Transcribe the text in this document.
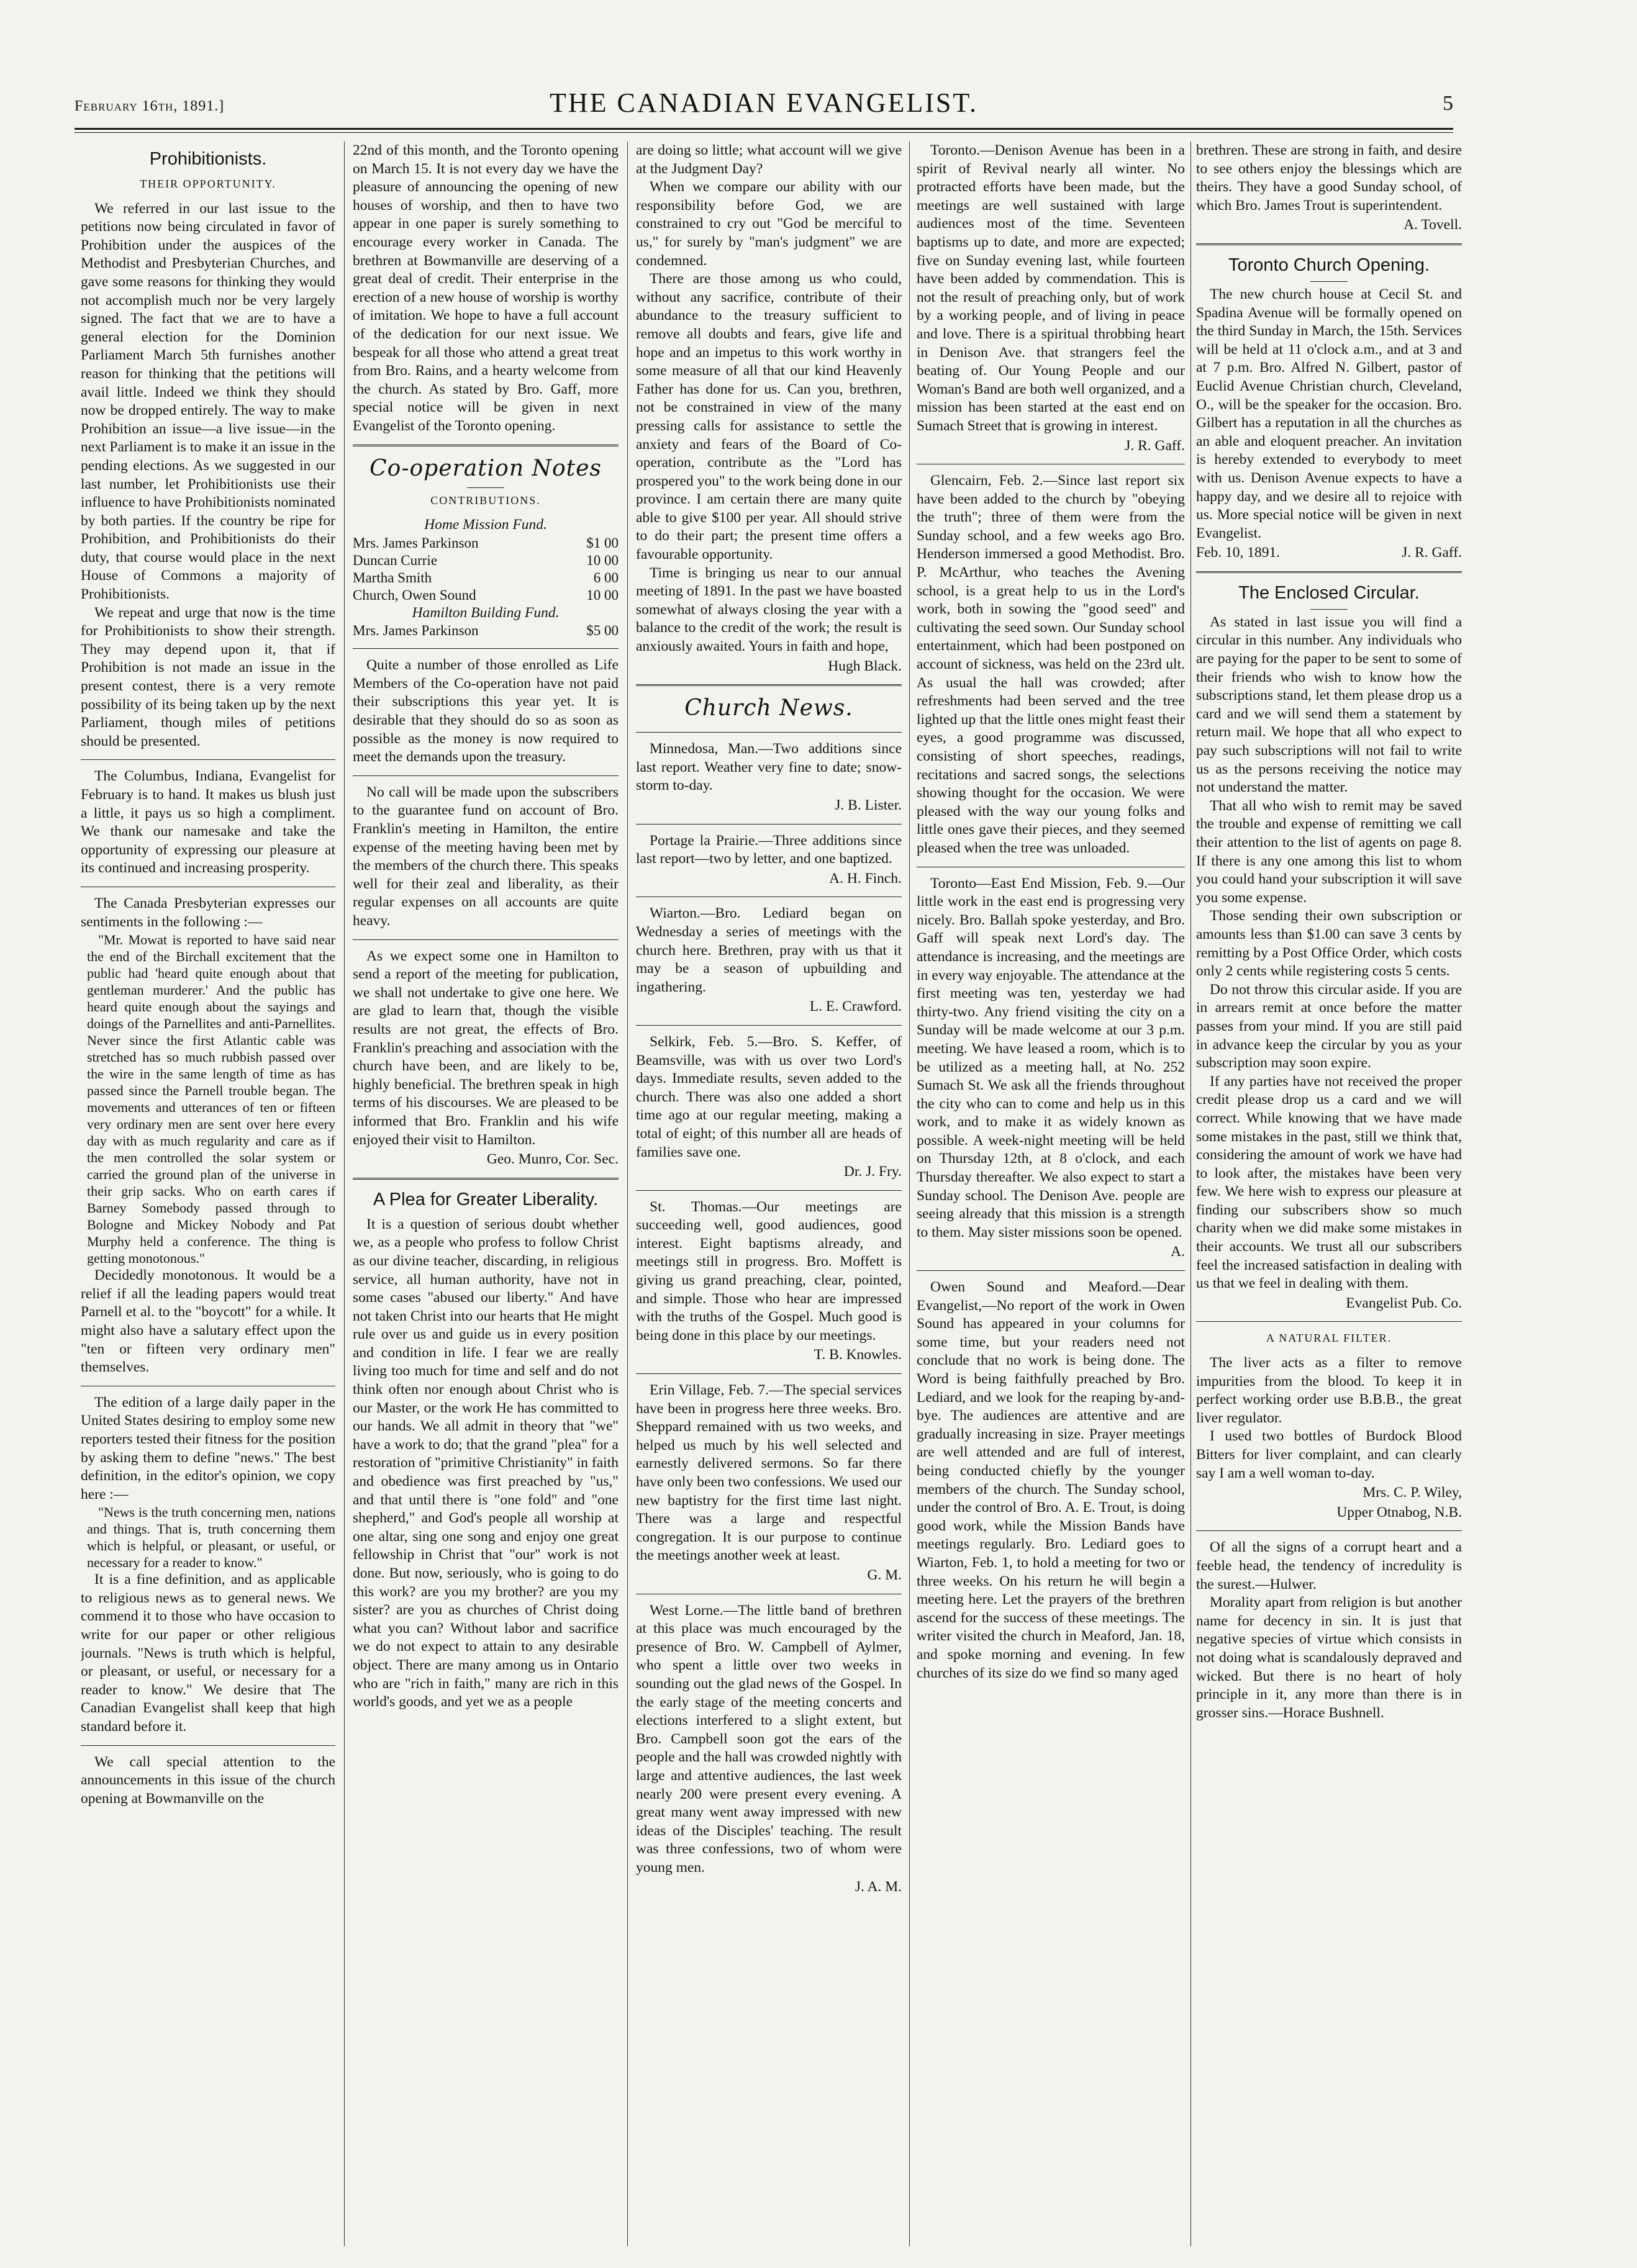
February 16th, 1891.]	THE CANADIAN EVANGELIST.	5
Prohibitionists.
THEIR OPPORTUNITY.

We referred in our last issue to the petitions now being circulated in favor of Prohibition under the auspices of the Methodist and Presbyterian Churches, and gave some reasons for thinking they would not accomplish much nor be very largely signed. The fact that we are to have a general election for the Dominion Parliament March 5th furnishes another reason for thinking that the petitions will avail little. Indeed we think they should now be dropped entirely. The way to make Prohibition an issue—a live issue—in the next Parliament is to make it an issue in the pending elections. As we suggested in our last number, let Prohibitionists use their influence to have Prohibitionists nominated by both parties. If the country be ripe for Prohibition, and Prohibitionists do their duty, that course would place in the next House of Commons a majority of Prohibitionists.

We repeat and urge that now is the time for Prohibitionists to show their strength. They may depend upon it, that if Prohibition is not made an issue in the present contest, there is a very remote possibility of its being taken up by the next Parliament, though miles of petitions should be presented.

The Columbus, Indiana, Evangelist for February is to hand. It makes us blush just a little, it pays us so high a compliment. We thank our namesake and take the opportunity of expressing our pleasure at its continued and increasing prosperity.

The Canada Presbyterian expresses our sentiments in the following :—

"Mr. Mowat is reported to have said near the end of the Birchall excitement that the public had 'heard quite enough about that gentleman murderer.' And the public has heard quite enough about the sayings and doings of the Parnellites and anti-Parnellites. Never since the first Atlantic cable was stretched has so much rubbish passed over the wire in the same length of time as has passed since the Parnell trouble began. The movements and utterances of ten or fifteen very ordinary men are sent over here every day with as much regularity and care as if the men controlled the solar system or carried the ground plan of the universe in their grip sacks. Who on earth cares if Barney Somebody passed through to Bologne and Mickey Nobody and Pat Murphy held a conference. The thing is getting monotonous."

Decidedly monotonous. It would be a relief if all the leading papers would treat Parnell et al. to the "boycott" for a while. It might also have a salutary effect upon the "ten or fifteen very ordinary men" themselves.

The edition of a large daily paper in the United States desiring to employ some new reporters tested their fitness for the position by asking them to define "news." The best definition, in the editor's opinion, we copy here :—

"News is the truth concerning men, nations and things. That is, truth concerning them which is helpful, or pleasant, or useful, or necessary for a reader to know."

It is a fine definition, and as applicable to religious news as to general news. We commend it to those who have occasion to write for our paper or other religious journals. "News is truth which is helpful, or pleasant, or useful, or necessary for a reader to know." We desire that The Canadian Evangelist shall keep that high standard before it.

We call special attention to the announcements in this issue of the church opening at Bowmanville on the

22nd of this month, and the Toronto opening on March 15. It is not every day we have the pleasure of announcing the opening of new houses of worship, and then to have two appear in one paper is surely something to encourage every worker in Canada. The brethren at Bowmanville are deserving of a great deal of credit. Their enterprise in the erection of a new house of worship is worthy of imitation. We hope to have a full account of the dedication for our next issue. We bespeak for all those who attend a great treat from Bro. Rains, and a hearty welcome from the church. As stated by Bro. Gaff, more special notice will be given in next Evangelist of the Toronto opening.

Co-operation Notes
CONTRIBUTIONS.
Home Mission Fund.
Mrs. James Parkinson	$1 00
Duncan Currie	10 00
Martha Smith	6 00
Church, Owen Sound	10 00
Hamilton Building Fund.
Mrs. James Parkinson	$5 00

Quite a number of those enrolled as Life Members of the Co-operation have not paid their subscriptions this year yet. It is desirable that they should do so as soon as possible as the money is now required to meet the demands upon the treasury.

No call will be made upon the subscribers to the guarantee fund on account of Bro. Franklin's meeting in Hamilton, the entire expense of the meeting having been met by the members of the church there. This speaks well for their zeal and liberality, as their regular expenses on all accounts are quite heavy.

As we expect some one in Hamilton to send a report of the meeting for publication, we shall not undertake to give one here. We are glad to learn that, though the visible results are not great, the effects of Bro. Franklin's preaching and association with the church have been, and are likely to be, highly beneficial. The brethren speak in high terms of his discourses. We are pleased to be informed that Bro. Franklin and his wife enjoyed their visit to Hamilton.

Geo. Munro, Cor. Sec.
A Plea for Greater Liberality.

It is a question of serious doubt whether we, as a people who profess to follow Christ as our divine teacher, discarding, in religious service, all human authority, have not in some cases "abused our liberty." And have not taken Christ into our hearts that He might rule over us and guide us in every position and condition in life. I fear we are really living too much for time and self and do not think often nor enough about Christ who is our Master, or the work He has committed to our hands. We all admit in theory that "we" have a work to do; that the grand "plea" for a restoration of "primitive Christianity" in faith and obedience was first preached by "us," and that until there is "one fold" and "one shepherd," and God's people all worship at one altar, sing one song and enjoy one great fellowship in Christ that "our" work is not done. But now, seriously, who is going to do this work? are you my brother? are you my sister? are you as churches of Christ doing what you can? Without labor and sacrifice we do not expect to attain to any desirable object. There are many among us in Ontario who are "rich in faith," many are rich in this world's goods, and yet we as a people

are doing so little; what account will we give at the Judgment Day?

When we compare our ability with our responsibility before God, we are constrained to cry out "God be merciful to us," for surely by "man's judgment" we are condemned.

There are those among us who could, without any sacrifice, contribute of their abundance to the treasury sufficient to remove all doubts and fears, give life and hope and an impetus to this work worthy in some measure of all that our kind Heavenly Father has done for us. Can you, brethren, not be constrained in view of the many pressing calls for assistance to settle the anxiety and fears of the Board of Co-operation, contribute as the "Lord has prospered you" to the work being done in our province. I am certain there are many quite able to give $100 per year. All should strive to do their part; the present time offers a favourable opportunity.

Time is bringing us near to our annual meeting of 1891. In the past we have boasted somewhat of always closing the year with a balance to the credit of the work; the result is anxiously awaited. Yours in faith and hope,

Hugh Black.
Church News.

Minnedosa, Man.—Two additions since last report. Weather very fine to date; snow-storm to-day.

J. B. Lister.

Portage la Prairie.—Three additions since last report—two by letter, and one baptized.

A. H. Finch.

Wiarton.—Bro. Lediard began on Wednesday a series of meetings with the church here. Brethren, pray with us that it may be a season of upbuilding and ingathering.

L. E. Crawford.

Selkirk, Feb. 5.—Bro. S. Keffer, of Beamsville, was with us over two Lord's days. Immediate results, seven added to the church. There was also one added a short time ago at our regular meeting, making a total of eight; of this number all are heads of families save one.

Dr. J. Fry.

St. Thomas.—Our meetings are succeeding well, good audiences, good interest. Eight baptisms already, and meetings still in progress. Bro. Moffett is giving us grand preaching, clear, pointed, and simple. Those who hear are impressed with the truths of the Gospel. Much good is being done in this place by our meetings.

T. B. Knowles.

Erin Village, Feb. 7.—The special services have been in progress here three weeks. Bro. Sheppard remained with us two weeks, and helped us much by his well selected and earnestly delivered sermons. So far there have only been two confessions. We used our new baptistry for the first time last night. There was a large and respectful congregation. It is our purpose to continue the meetings another week at least.

G. M.

West Lorne.—The little band of brethren at this place was much encouraged by the presence of Bro. W. Campbell of Aylmer, who spent a little over two weeks in sounding out the glad news of the Gospel. In the early stage of the meeting concerts and elections interfered to a slight extent, but Bro. Campbell soon got the ears of the people and the hall was crowded nightly with large and attentive audiences, the last week nearly 200 were present every evening. A great many went away impressed with new ideas of the Disciples' teaching. The result was three confessions, two of whom were young men.

J. A. M.

Toronto.—Denison Avenue has been in a spirit of Revival nearly all winter. No protracted efforts have been made, but the meetings are well sustained with large audiences most of the time. Seventeen baptisms up to date, and more are expected; five on Sunday evening last, while fourteen have been added by commendation. This is not the result of preaching only, but of work by a working people, and of living in peace and love. There is a spiritual throbbing heart in Denison Ave. that strangers feel the beating of. Our Young People and our Woman's Band are both well organized, and a mission has been started at the east end on Sumach Street that is growing in interest.

J. R. Gaff.

Glencairn, Feb. 2.—Since last report six have been added to the church by "obeying the truth"; three of them were from the Sunday school, and a few weeks ago Bro. Henderson immersed a good Methodist. Bro. P. McArthur, who teaches the Avening school, is a great help to us in the Lord's work, both in sowing the "good seed" and cultivating the seed sown. Our Sunday school entertainment, which had been postponed on account of sickness, was held on the 23rd ult. As usual the hall was crowded; after refreshments had been served and the tree lighted up that the little ones might feast their eyes, a good programme was discussed, consisting of short speeches, readings, recitations and sacred songs, the selections showing thought for the occasion. We were pleased with the way our young folks and little ones gave their pieces, and they seemed pleased when the tree was unloaded.

Toronto—East End Mission, Feb. 9.—Our little work in the east end is progressing very nicely. Bro. Ballah spoke yesterday, and Bro. Gaff will speak next Lord's day. The attendance is increasing, and the meetings are in every way enjoyable. The attendance at the first meeting was ten, yesterday we had thirty-two. Any friend visiting the city on a Sunday will be made welcome at our 3 p.m. meeting. We have leased a room, which is to be utilized as a meeting hall, at No. 252 Sumach St. We ask all the friends throughout the city who can to come and help us in this work, and to make it as widely known as possible. A week-night meeting will be held on Thursday 12th, at 8 o'clock, and each Thursday thereafter. We also expect to start a Sunday school. The Denison Ave. people are seeing already that this mission is a strength to them. May sister missions soon be opened.

A.

Owen Sound and Meaford.—Dear Evangelist,—No report of the work in Owen Sound has appeared in your columns for some time, but your readers need not conclude that no work is being done. The Word is being faithfully preached by Bro. Lediard, and we look for the reaping by-and-bye. The audiences are attentive and are gradually increasing in size. Prayer meetings are well attended and are full of interest, being conducted chiefly by the younger members of the church. The Sunday school, under the control of Bro. A. E. Trout, is doing good work, while the Mission Bands have meetings regularly. Bro. Lediard goes to Wiarton, Feb. 1, to hold a meeting for two or three weeks. On his return he will begin a meeting here. Let the prayers of the brethren ascend for the success of these meetings. The writer visited the church in Meaford, Jan. 18, and spoke morning and evening. In few churches of its size do we find so many aged

brethren. These are strong in faith, and desire to see others enjoy the blessings which are theirs. They have a good Sunday school, of which Bro. James Trout is superintendent.

A. Tovell.
Toronto Church Opening.

The new church house at Cecil St. and Spadina Avenue will be formally opened on the third Sunday in March, the 15th. Services will be held at 11 o'clock a.m., and at 3 and at 7 p.m. Bro. Alfred N. Gilbert, pastor of Euclid Avenue Christian church, Cleveland, O., will be the speaker for the occasion. Bro. Gilbert has a reputation in all the churches as an able and eloquent preacher. An invitation is hereby extended to everybody to meet with us. Denison Avenue expects to have a happy day, and we desire all to rejoice with us. More special notice will be given in next Evangelist.

Feb. 10, 1891.	J. R. Gaff.
The Enclosed Circular.

As stated in last issue you will find a circular in this number. Any individuals who are paying for the paper to be sent to some of their friends who wish to know how the subscriptions stand, let them please drop us a card and we will send them a statement by return mail. We hope that all who expect to pay such subscriptions will not fail to write us as the persons receiving the notice may not understand the matter.

That all who wish to remit may be saved the trouble and expense of remitting we call their attention to the list of agents on page 8. If there is any one among this list to whom you could hand your subscription it will save you some expense.

Those sending their own subscription or amounts less than $1.00 can save 3 cents by remitting by a Post Office Order, which costs only 2 cents while registering costs 5 cents.

Do not throw this circular aside. If you are in arrears remit at once before the matter passes from your mind. If you are still paid in advance keep the circular by you as your subscription may soon expire.

If any parties have not received the proper credit please drop us a card and we will correct. While knowing that we have made some mistakes in the past, still we think that, considering the amount of work we have had to look after, the mistakes have been very few. We here wish to express our pleasure at finding our subscribers show so much charity when we did make some mistakes in their accounts. We trust all our subscribers feel the increased satisfaction in dealing with us that we feel in dealing with them.

Evangelist Pub. Co.
A NATURAL FILTER.

The liver acts as a filter to remove impurities from the blood. To keep it in perfect working order use B.B.B., the great liver regulator.

I used two bottles of Burdock Blood Bitters for liver complaint, and can clearly say I am a well woman to-day.

Mrs. C. P. Wiley,
Upper Otnabog, N.B.

Of all the signs of a corrupt heart and a feeble head, the tendency of incredulity is the surest.—Hulwer.

Morality apart from religion is but another name for decency in sin. It is just that negative species of virtue which consists in not doing what is scandalously depraved and wicked. But there is no heart of holy principle in it, any more than there is in grosser sins.—Horace Bushnell.
